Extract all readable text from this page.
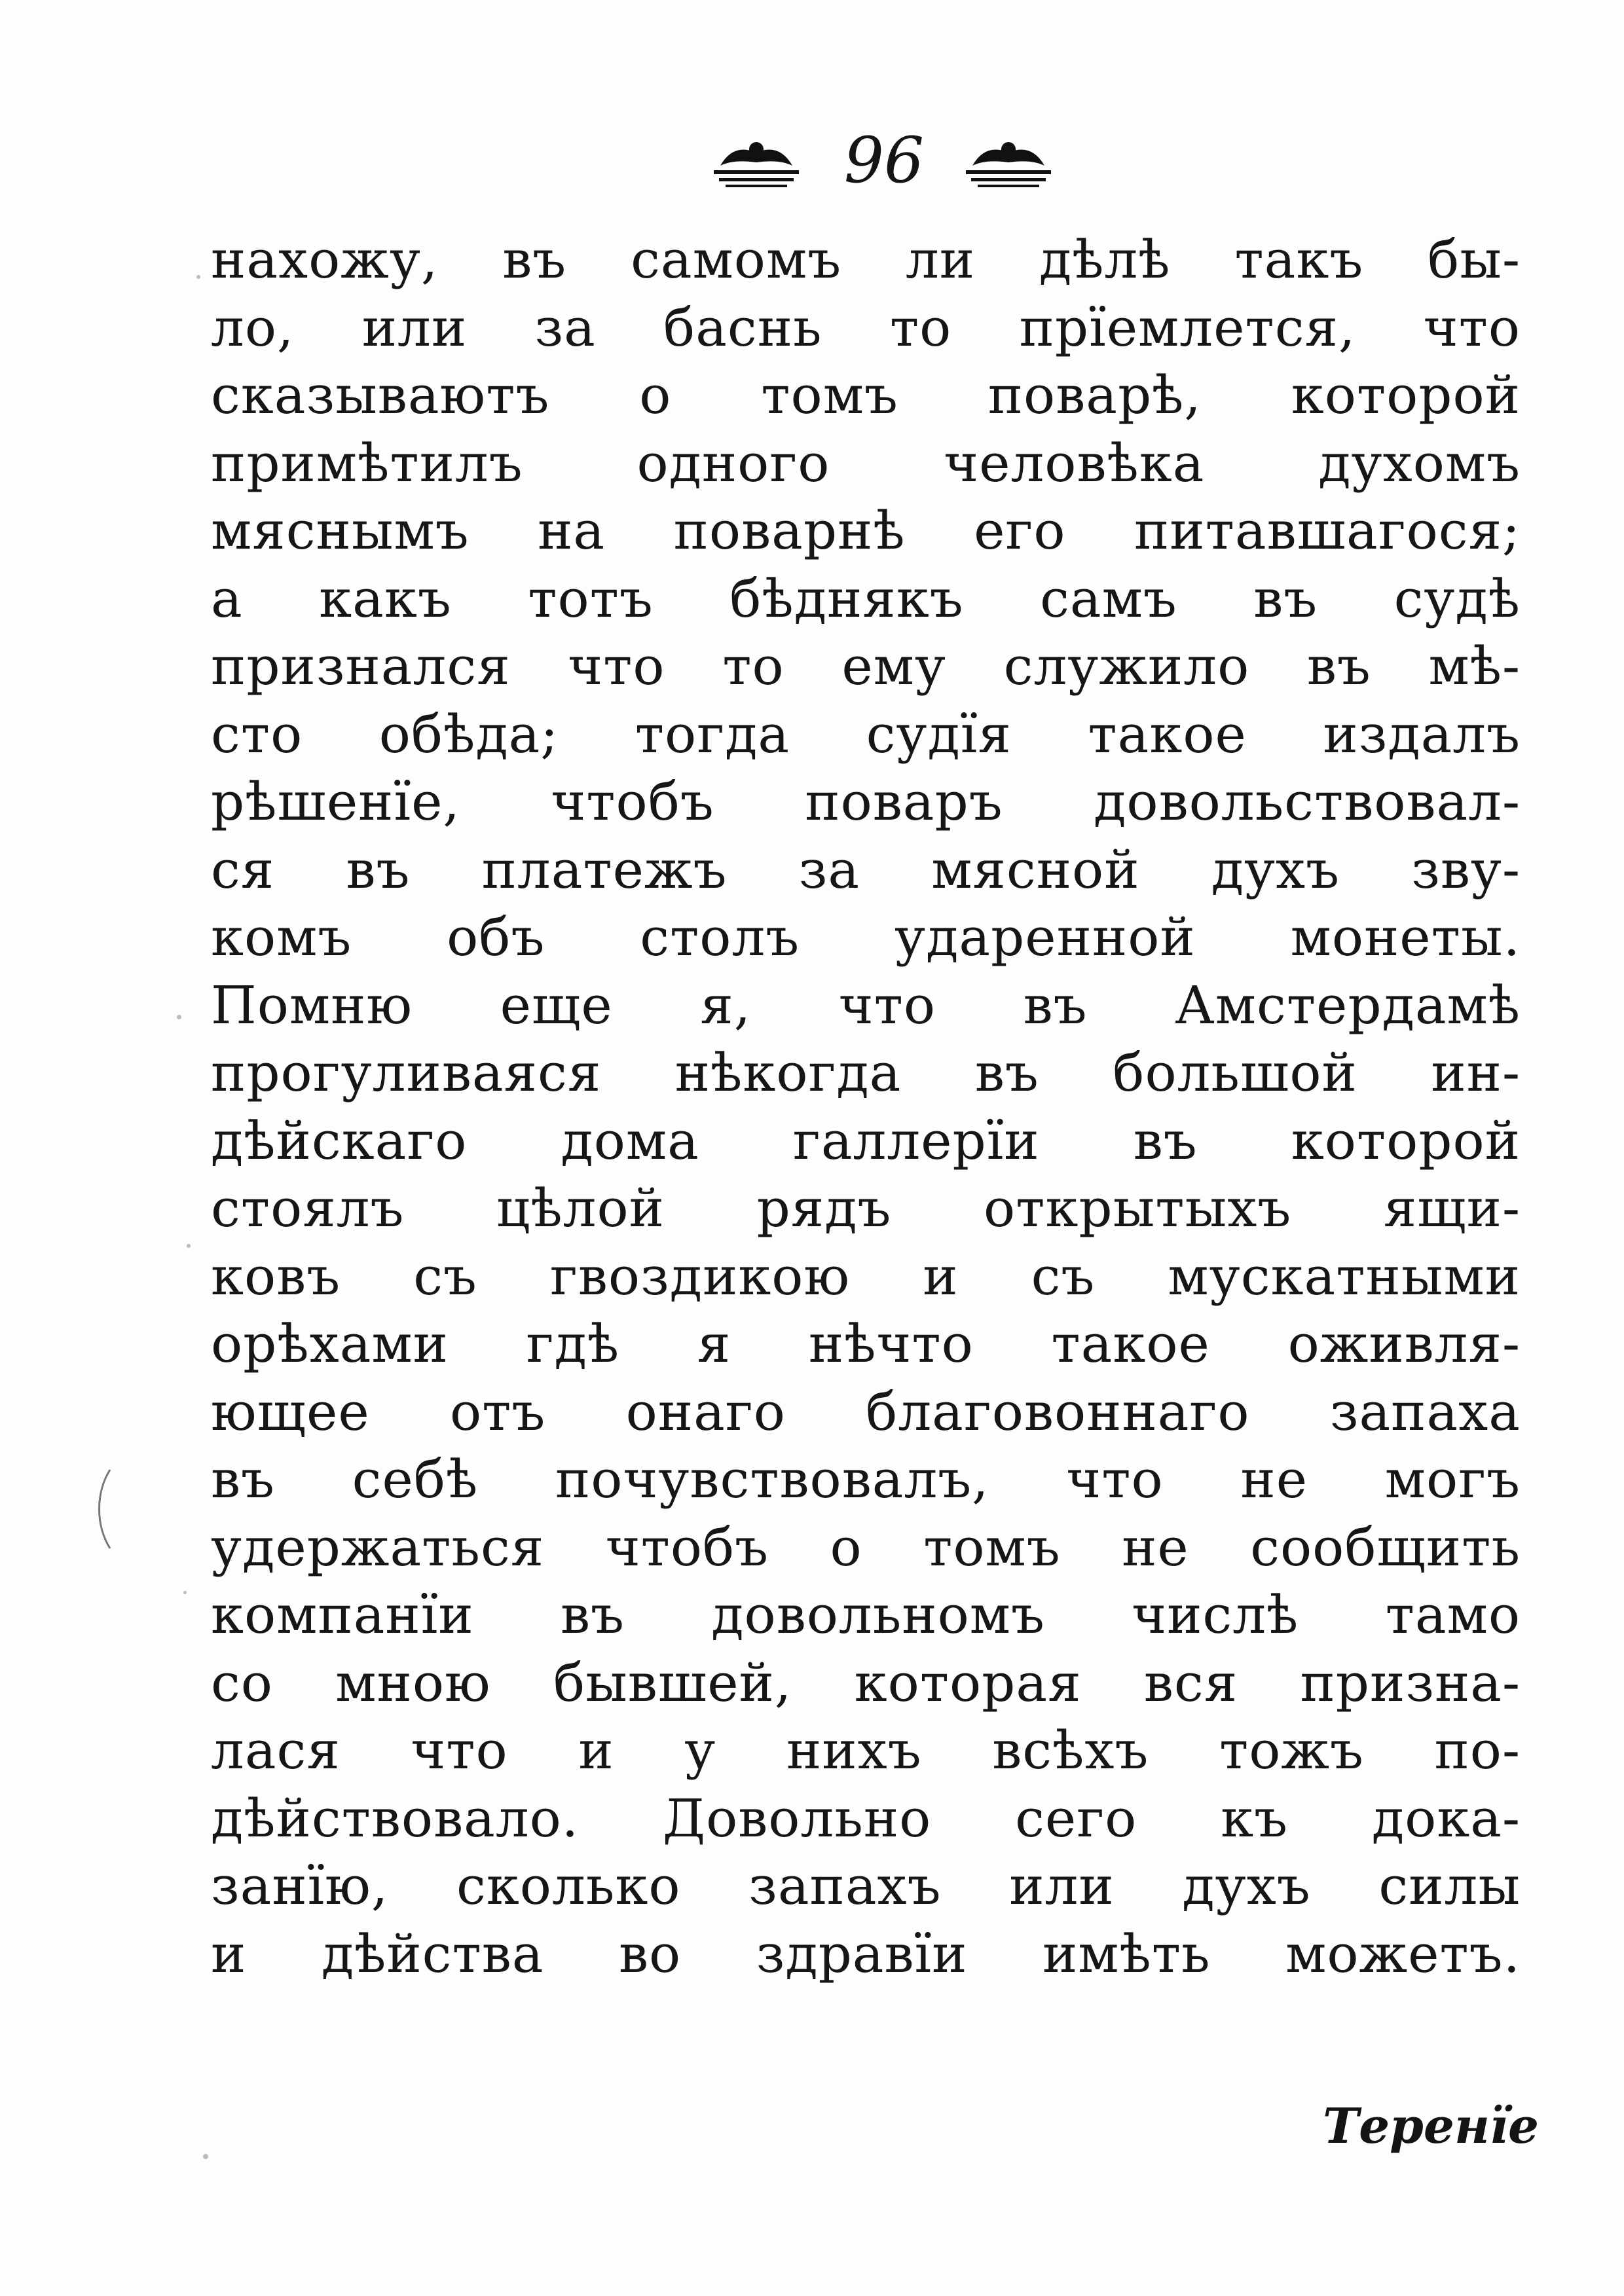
96
нахожу, въ самомъ ли дѣлѣ такъ бы-
ло, или за баснь то прїемлется, что
сказываютъ о томъ поварѣ, которой
примѣтилъ одного человѣка духомъ
мяснымъ на поварнѣ его питавшагося;
а какъ тотъ бѣднякъ самъ въ судѣ
признался что то ему служило въ мѣ-
сто обѣда; тогда судїя такое издалъ
рѣшенїе, чтобъ поваръ довольствовал-
ся въ платежъ за мясной духъ зву-
комъ объ столъ ударенной монеты.
Помню еще я, что въ Амстердамѣ
прогуливаяся нѣкогда въ большой ин-
дѣйскаго дома галлерїи въ которой
стоялъ цѣлой рядъ открытыхъ ящи-
ковъ съ гвоздикою и съ мускатными
орѣхами гдѣ я нѣчто такое оживля-
ющее отъ онаго благовоннаго запаха
въ себѣ почувствовалъ, что не могъ
удержаться чтобъ о томъ не сообщить
компанїи въ довольномъ числѣ тамо
со мною бывшей, которая вся призна-
лася что и у нихъ всѣхъ тожъ по-
дѣйствовало. Довольно сего къ дока-
занїю, сколько запахъ или духъ силы
и дѣйства во здравїи имѣть можетъ.
Теренїе
